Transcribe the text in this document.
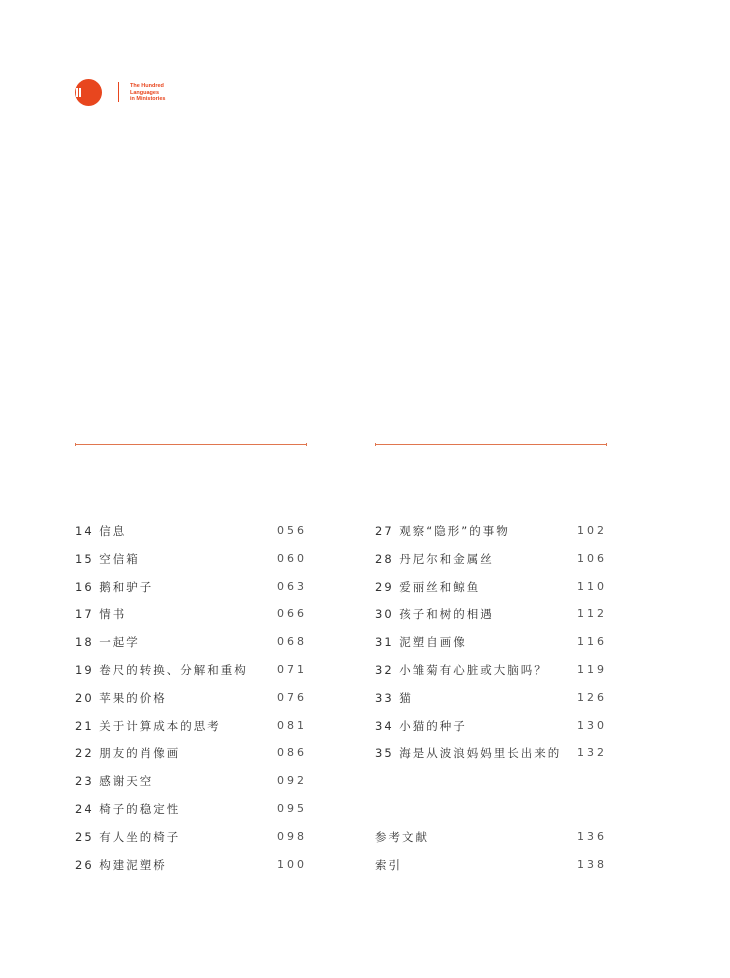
The Hundred
Languages
in Ministories
14 信息	056
15 空信箱	060
16 鹅和驴子	063
17 情书	066
18 一起学	068
19 卷尺的转换、分解和重构	071
20 苹果的价格	076
21 关于计算成本的思考	081
22 朋友的肖像画	086
23 感谢天空	092
24 椅子的稳定性	095
25 有人坐的椅子	098
26 构建泥塑桥	100
27 观察“隐形”的事物	102
28 丹尼尔和金属丝	106
29 爱丽丝和鲸鱼	110
30 孩子和树的相遇	112
31 泥塑自画像	116
32 小雏菊有心脏或大脑吗？	119
33 猫	126
34 小猫的种子	130
35 海是从波浪妈妈里长出来的 132
参考文献	136
索引	138
